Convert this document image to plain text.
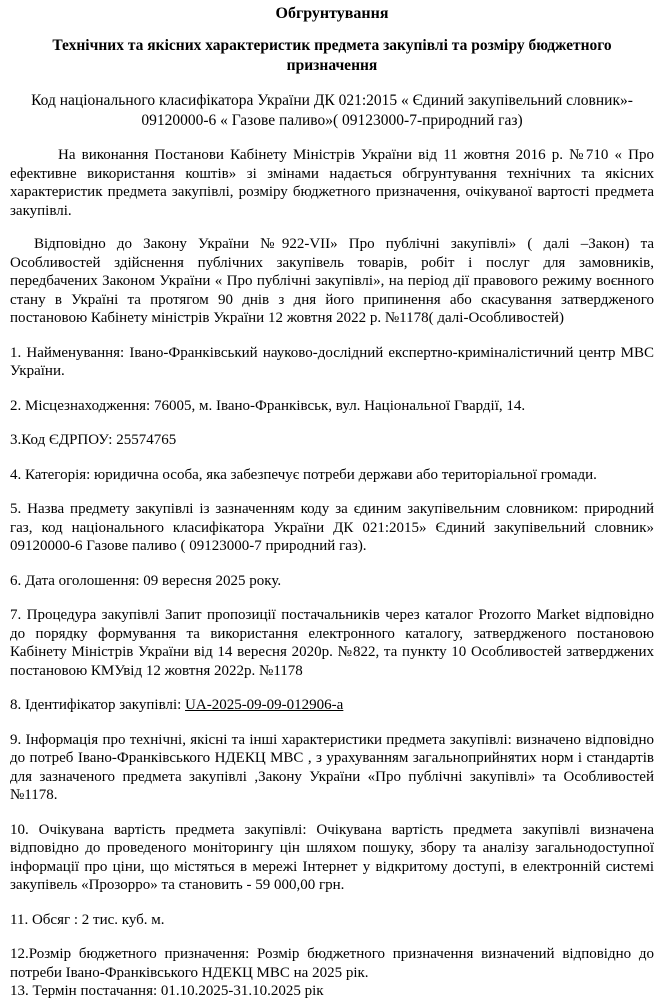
Обгрунтування
Технічних та якісних характеристик предмета закупівлі та розміру бюджетного призначення
Код національного класифікатора України ДК 021:2015 « Єдиний закупівельний словник»- 09120000-6 « Газове паливо»( 09123000-7-природний газ)

На виконання Постанови Кабінету Міністрів України від 11 жовтня 2016 р. №710 « Про ефективне використання коштів» зі змінами надається обгрунтування технічних та якісних характеристик предмета закупівлі, розміру бюджетного призначення, очікуваної вартості предмета закупівлі.

Відповідно до Закону України №922-VII» Про публічні закупівлі» ( далі –Закон) та Особливостей здійснення публічних закупівель товарів, робіт і послуг для замовників, передбачених Законом України « Про публічні закупівлі», на період дії правового режиму воєнного стану в Україні та протягом 90 днів з дня його припинення або скасування затвердженого постановою Кабінету міністрів України 12 жовтня 2022 р. №1178( далі-Особливостей)

1. Найменування: Івано-Франківський науково-дослідний експертно-криміналістичний центр МВС України.

2. Місцезнаходження: 76005, м. Івано-Франківськ, вул. Національної Гвардії, 14.

3.Код ЄДРПОУ: 25574765

4. Категорія: юридична особа, яка забезпечує потреби держави або територіальної громади.

5. Назва предмету закупівлі із зазначенням коду за єдиним закупівельним словником: природний газ, код національного класифікатора України ДК 021:2015» Єдиний закупівельний словник» 09120000-6 Газове паливо ( 09123000-7 природний газ).

6. Дата оголошення: 09 вересня 2025 року.

7. Процедура закупівлі Запит пропозиції постачальників через каталог Prozorro Market відповідно до порядку формування та використання електронного каталогу, затвердженого постановою Кабінету Міністрів України від 14 вересня 2020р. №822, та пункту 10 Особливостей затверджених постановою КМУвід 12 жовтня 2022р. №1178

8. Ідентифікатор закупівлі: UA-2025-09-09-012906-a

9. Інформація про технічні, якісні та інші характеристики предмета закупівлі: визначено відповідно до потреб Івано-Франківського НДЕКЦ МВС , з урахуванням загальноприйнятих норм і стандартів для зазначеного предмета закупівлі ,Закону України «Про публічні закупівлі» та Особливостей №1178.

10. Очікувана вартість предмета закупівлі: Очікувана вартість предмета закупівлі визначена відповідно до проведеного моніторингу цін шляхом пошуку, збору та аналізу загальнодоступної інформації про ціни, що містяться в мережі Інтернет у відкритому доступі, в електронній системі закупівель «Прозорро» та становить - 59 000,00 грн.

11. Обсяг : 2 тис. куб. м.

12.Розмір бюджетного призначення: Розмір бюджетного призначення визначений відповідно до потреби Івано-Франківського НДЕКЦ МВС на 2025 рік.

13. Термін постачання: 01.10.2025-31.10.2025 рік
